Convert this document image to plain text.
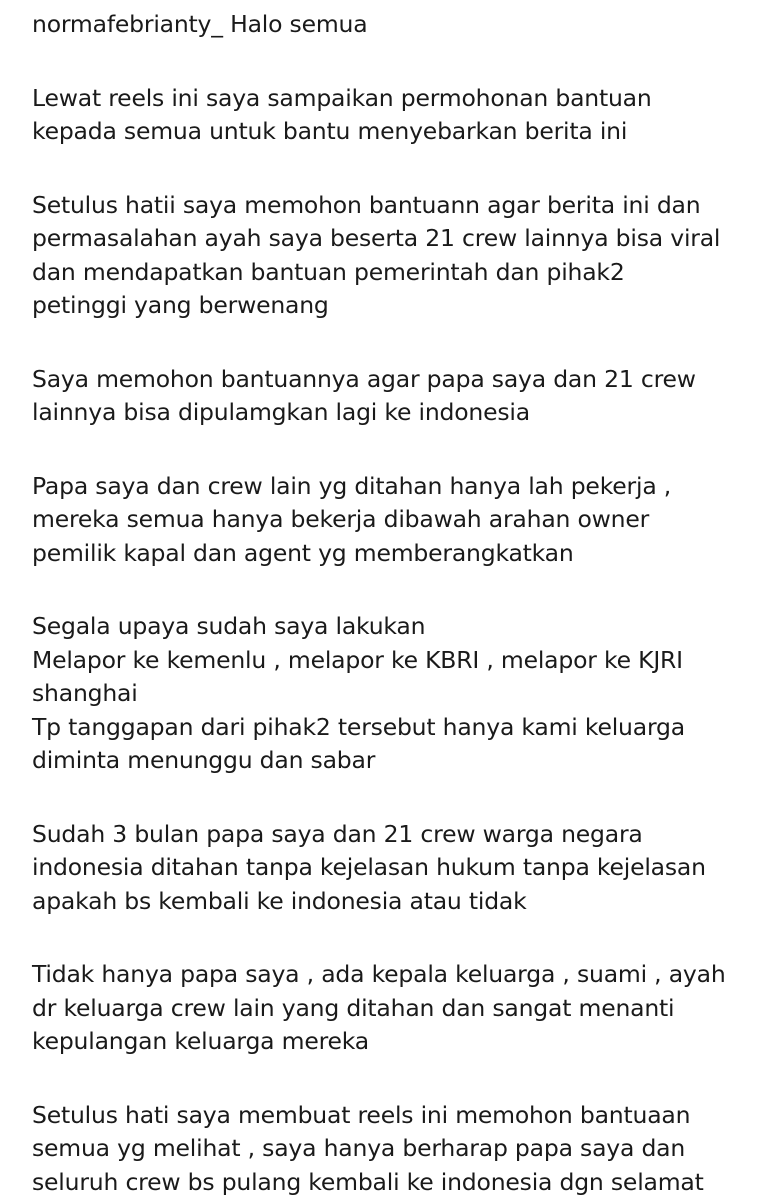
normafebrianty_ Halo semua
Lewat reels ini saya sampaikan permohonan bantuan
kepada semua untuk bantu menyebarkan berita ini
Setulus hatii saya memohon bantuann agar berita ini dan
permasalahan ayah saya beserta 21 crew lainnya bisa viral
dan mendapatkan bantuan pemerintah dan pihak2
petinggi yang berwenang
Saya memohon bantuannya agar papa saya dan 21 crew
lainnya bisa dipulamgkan lagi ke indonesia
Papa saya dan crew lain yg ditahan hanya lah pekerja ,
mereka semua hanya bekerja dibawah arahan owner
pemilik kapal dan agent yg memberangkatkan
Segala upaya sudah saya lakukan
Melapor ke kemenlu , melapor ke KBRI , melapor ke KJRI
shanghai
Tp tanggapan dari pihak2 tersebut hanya kami keluarga
diminta menunggu dan sabar
Sudah 3 bulan papa saya dan 21 crew warga negara
indonesia ditahan tanpa kejelasan hukum tanpa kejelasan
apakah bs kembali ke indonesia atau tidak
Tidak hanya papa saya , ada kepala keluarga , suami , ayah
dr keluarga crew lain yang ditahan dan sangat menanti
kepulangan keluarga mereka
Setulus hati saya membuat reels ini memohon bantuaan
semua yg melihat , saya hanya berharap papa saya dan
seluruh crew bs pulang kembali ke indonesia dgn selamat
